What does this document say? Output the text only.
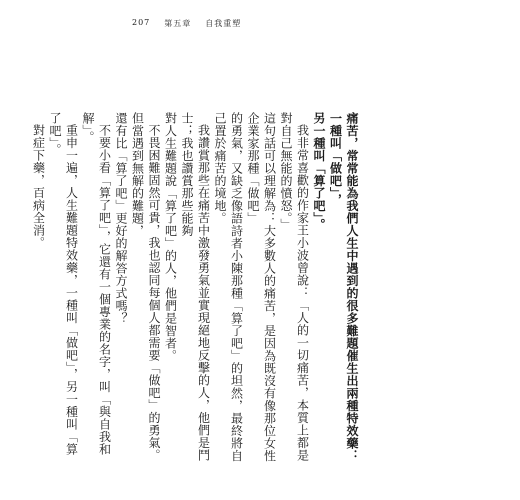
207 第五章 自我重塑
痛苦，常常能為我們人生中遇到的很多難題催生出兩種特效藥：一種叫「做吧」，
另一種叫「算了吧」。
我非常喜歡的作家王小波曾說：「人的一切痛苦，本質上都是對自己無能的憤怒。」
這句話可以理解為：大多數人的痛苦，是因為既沒有像那位女性企業家那種「做吧」
的勇氣，又缺乏像語詩者小陳那種「算了吧」的坦然，最終將自己置於痛苦的境地。
我讚賞那些在痛苦中激發勇氣並實現絕地反擊的人，他們是鬥士；我也讚賞那些能夠
對人生難題說「算了吧」的人，他們是智者。
不畏困難固然可貴，我也認同每個人都需要「做吧」的勇氣。但當遇到無解的難題，
還有比「算了吧」更好的解答方式嗎？
不要小看「算了吧」，它還有一個專業的名字，叫「與自我和解」。
重申一遍，人生難題特效藥，一種叫「做吧」，另一種叫「算了吧」。
對症下藥，百病全消。
